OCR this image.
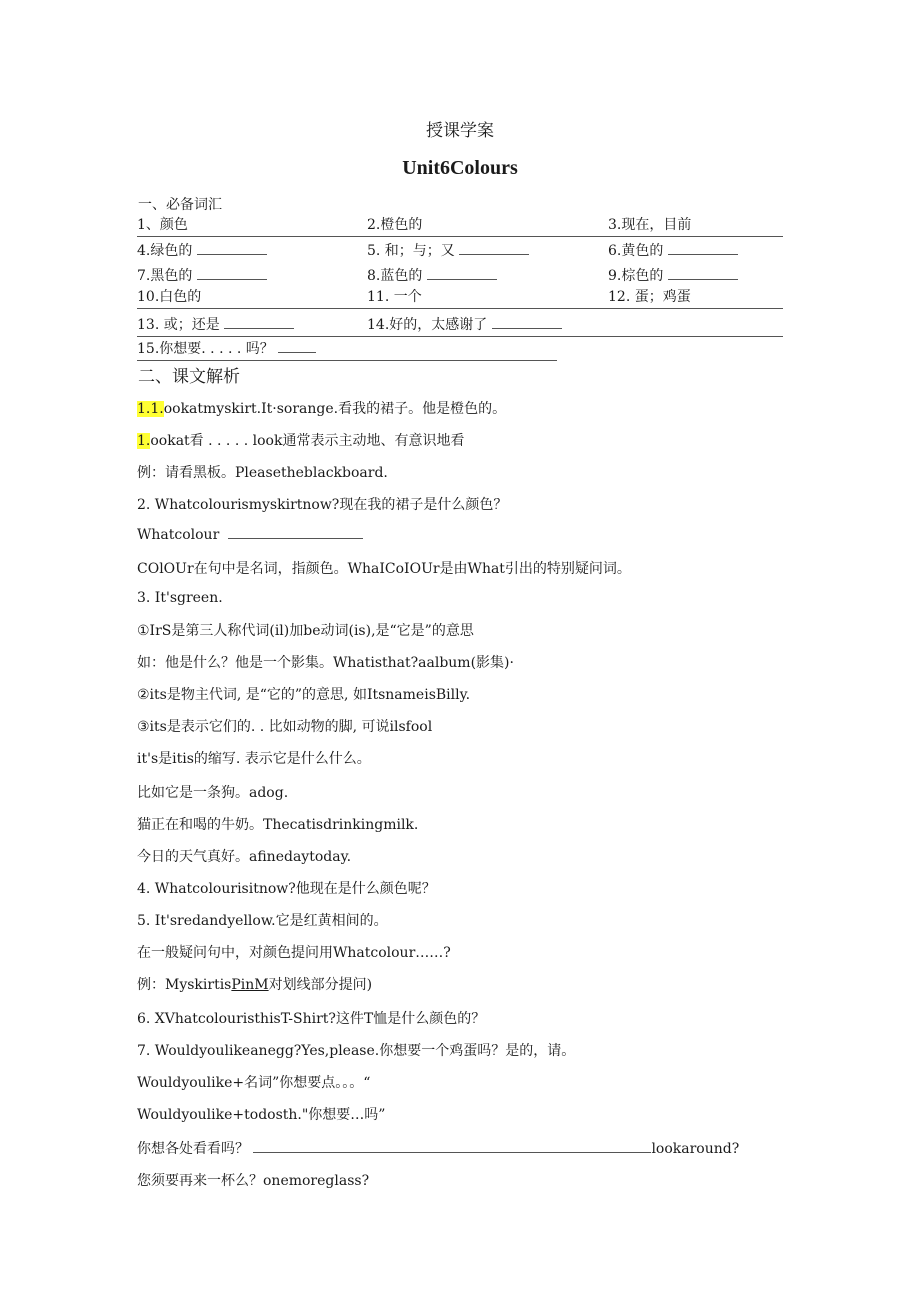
授课学案
Unit6Colours
一、必备词汇
1、颜色	2.橙色的	3.现在，目前
4.绿色的	5. 和；与；又	6.黄色的
7.黑色的	8.蓝色的	9.棕色的
10.白色的	11. 一个	12. 蛋；鸡蛋
13. 或；还是	14.好的，太感谢了
15.你想要. . . . . 吗？
二、课文解析
1.1.ookatmyskirt.It·sorange.看我的裙子。他是橙色的。
1.ookat看 . . . . . look通常表示主动地、有意识地看
例：请看黑板。Pleasetheblackboard.
2. Whatcolourismyskirtnow?现在我的裙子是什么颜色？
Whatcolour
COlOUr在句中是名词，指颜色。WhaICoIOUr是由What引出的特别疑问词。
3. It'sgreen.
①IrS是第三人称代词(il)加be动词(is),是“它是”的意思
如：他是什么？他是一个影集。Whatisthat?aalbum(影集)·
②its是物主代词, 是“它的”的意思, 如ItsnameisBilly.
③its是表示它们的. . 比如动物的脚, 可说ilsfool
it's是itis的缩写. 表示它是什么什么。
比如它是一条狗。adog.
猫正在和喝的牛奶。Thecatisdrinkingmilk.
今日的天气真好。afinedaytoday.
4. Whatcolourisitnow?他现在是什么颜色呢？
5. It'sredandyellow.它是红黄相间的。
在一般疑问句中，对颜色提问用Whatcolour……?
例：MyskirtisPinM对划线部分提问)
6. XVhatcolouristhisT-Shirt?这件T恤是什么颜色的？
7. Wouldyoulikeanegg?Yes,please.你想要一个鸡蛋吗？是的，请。
Wouldyoulike+名词”你想要点。。。“
Wouldyoulike+todosth."你想要…吗”
你想各处看看吗？	lookaround?
您须要再来一杯么？onemoreglass?
